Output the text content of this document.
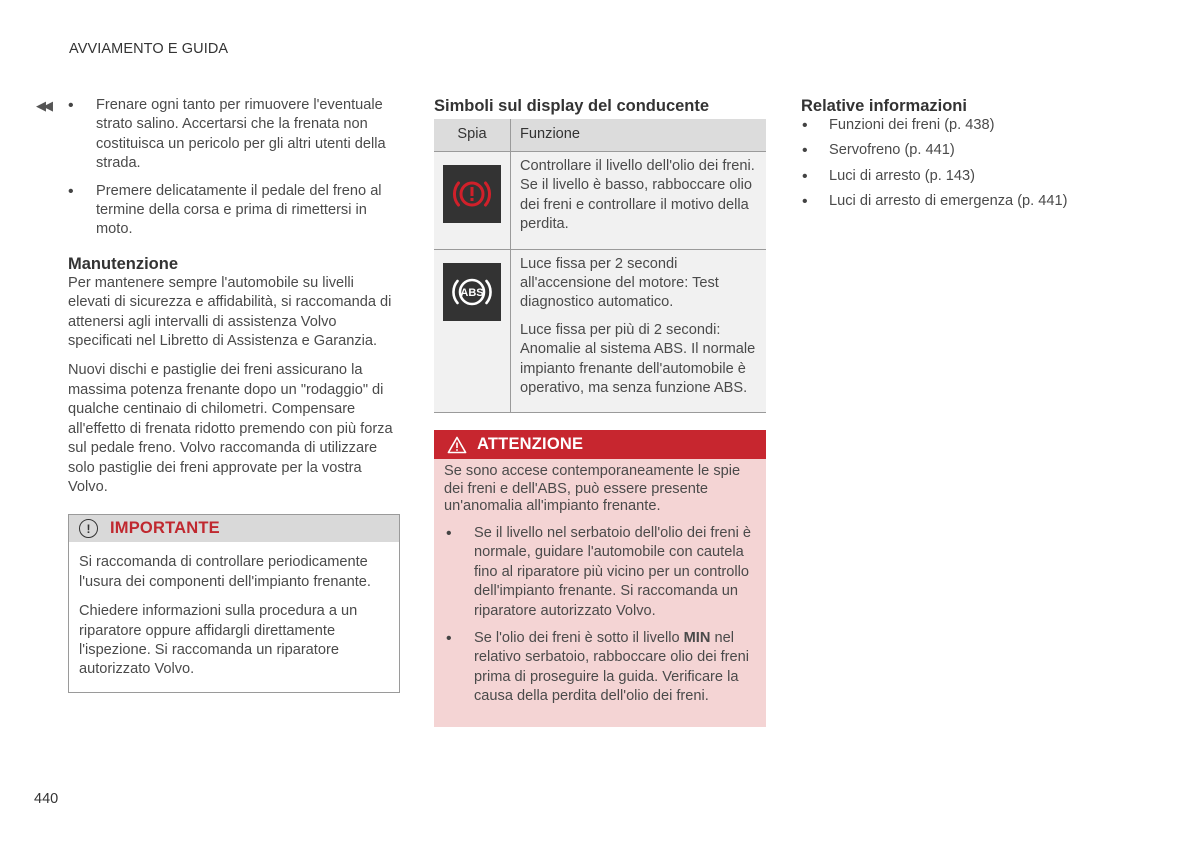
AVVIAMENTO E GUIDA
◀◀	• Frenare ogni tanto per rimuovere l'eventuale strato salino. Accertarsi che la frenata non costituisca un pericolo per gli altri utenti della strada.
• Premere delicatamente il pedale del freno al termine della corsa e prima di rimettersi in moto.
Manutenzione

Per mantenere sempre l'automobile su livelli elevati di sicurezza e affidabilità, si raccomanda di attenersi agli intervalli di assistenza Volvo specificati nel Libretto di Assistenza e Garanzia.

Nuovi dischi e pastiglie dei freni assicurano la massima potenza frenante dopo un "rodaggio" di qualche centinaio di chilometri. Compensare all'effetto di frenata ridotto premendo con più forza sul pedale freno. Volvo raccomanda di utilizzare solo pastiglie dei freni approvate per la vostra Volvo.

!	IMPORTANTE

Si raccomanda di controllare periodicamente l'usura dei componenti dell'impianto frenante.

Chiedere informazioni sulla procedura a un riparatore oppure affidargli direttamente l'ispezione. Si raccomanda un riparatore autorizzato Volvo.

Simboli sul display del conducente
Spia	Funzione

Controllare il livello dell'olio dei freni. Se il livello è basso, rabboccare olio dei freni e controllare il motivo della perdita.

ABS	Luce fissa per 2 secondi all'accensione del motore: Test diagnostico automatico.

Luce fissa per più di 2 secondi: Anomalie al sistema ABS. Il normale impianto frenante dell'automobile è operativo, ma senza funzione ABS.

ATTENZIONE

Se sono accese contemporaneamente le spie dei freni e dell'ABS, può essere presente un'anomalia all'impianto frenante.

• Se il livello nel serbatoio dell'olio dei freni è normale, guidare l'automobile con cautela fino al riparatore più vicino per un controllo dell'impianto frenante. Si raccomanda un riparatore autorizzato Volvo.
• Se l'olio dei freni è sotto il livello MIN nel relativo serbatoio, rabboccare olio dei freni prima di proseguire la guida. Verificare la causa della perdita dell'olio dei freni.
Relative informazioni
• Funzioni dei freni (p. 438)
• Servofreno (p. 441)
• Luci di arresto (p. 143)
• Luci di arresto di emergenza (p. 441)
440
